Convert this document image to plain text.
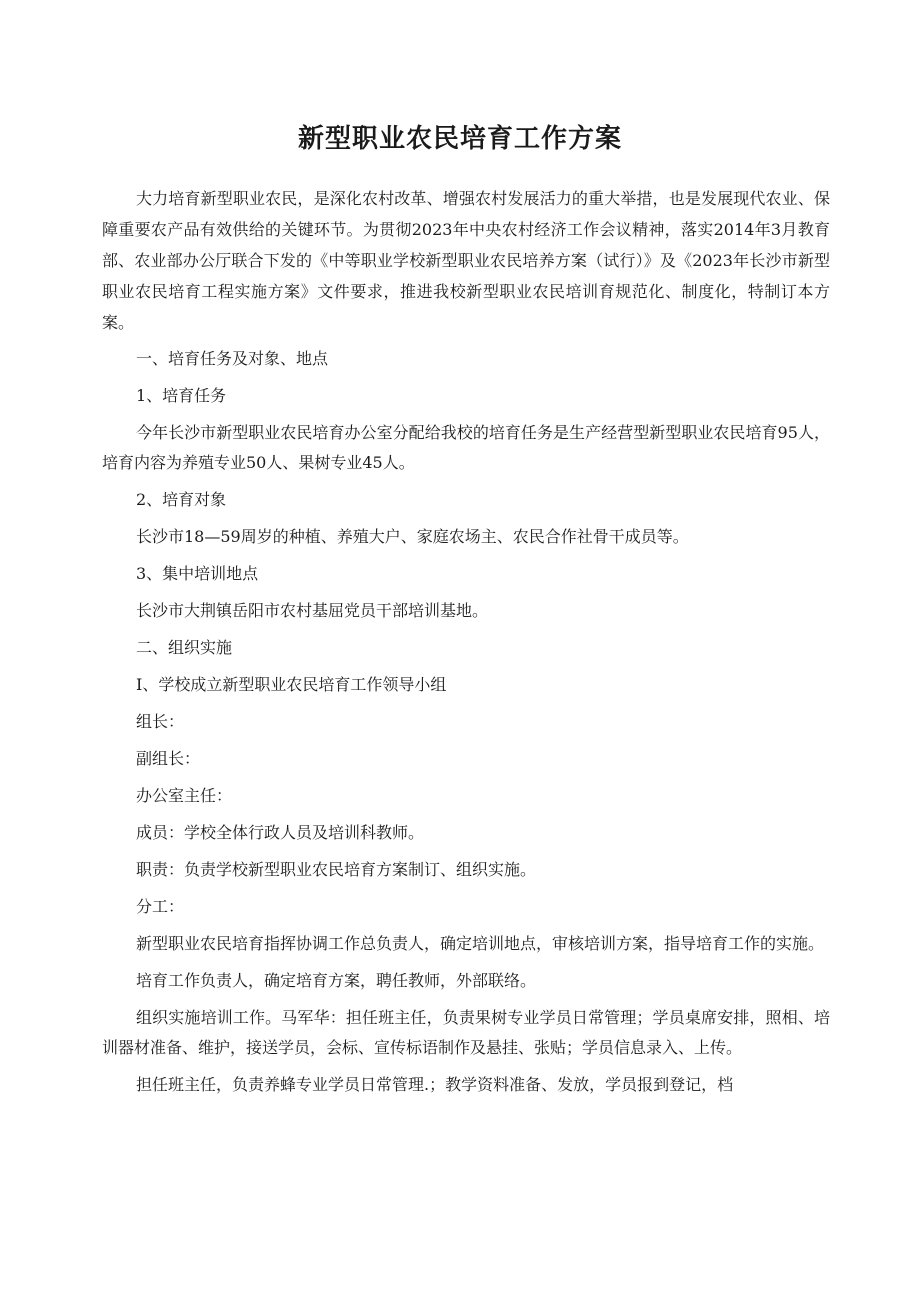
新型职业农民培育工作方案

大力培育新型职业农民，是深化农村改革、增强农村发展活力的重大举措，也是发展现代农业、保障重要农产品有效供给的关键环节。为贯彻2023年中央农村经济工作会议精神，落实2014年3月教育部、农业部办公厅联合下发的《中等职业学校新型职业农民培养方案（试行）》及《2023年长沙市新型职业农民培育工程实施方案》文件要求，推进我校新型职业农民培训育规范化、制度化，特制订本方案。

一、培育任务及对象、地点

1、培育任务

今年长沙市新型职业农民培育办公室分配给我校的培育任务是生产经营型新型职业农民培育95人，培育内容为养殖专业50人、果树专业45人。

2、培育对象

长沙市18—59周岁的种植、养殖大户、家庭农场主、农民合作社骨干成员等。

3、集中培训地点

长沙市大荆镇岳阳市农村基屈党员干部培训基地。

二、组织实施

I、学校成立新型职业农民培育工作领导小组

组长：

副组长：

办公室主任：

成员：学校全体行政人员及培训科教师。

职责：负责学校新型职业农民培育方案制订、组织实施。

分工：

新型职业农民培育指挥协调工作总负责人，确定培训地点，审核培训方案，指导培育工作的实施。

培育工作负责人，确定培育方案，聘任教师，外部联络。

组织实施培训工作。马军华：担任班主任，负责果树专业学员日常管理；学员桌席安排，照相、培训器材准备、维护，接送学员，会标、宣传标语制作及悬挂、张贴；学员信息录入、上传。

担任班主任，负责养蜂专业学员日常管理.；教学资料准备、发放，学员报到登记，档
